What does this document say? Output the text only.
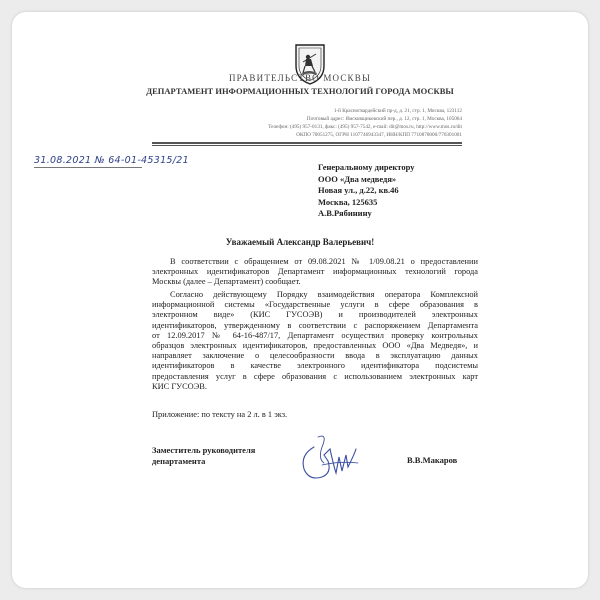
ПРАВИТЕЛЬСТВО МОСКВЫ
ДЕПАРТАМЕНТ ИНФОРМАЦИОННЫХ ТЕХНОЛОГИЙ ГОРОДА МОСКВЫ
1-й Красногвардейский пр-д, д. 21, стр. 1, Москва, 123112
Почтовый адрес: Ямсковщиковский пер., д. 12, стр. 1, Москва, 105064
Телефон: (495) 957-0131, факс: (495) 957-7542, e-mail: dit@mos.ru, http://www.mos.ru/dit
ОКПО 70051275, ОГРН 1107746943347, ИНН/КПП 7710878000/770301001
31.08.2021 № 64-01-45315/21
Генеральному директору
ООО «Два медведя»
Новая ул., д.22, кв.46
Москва, 125635
А.В.Рябинину
Уважаемый Александр Валерьевич!
В соответствии с обращением от 09.08.2021 № 1/09.08.21 о предоставлении
электронных идентификаторов Департамент информационных технологий города
Москвы (далее – Департамент) сообщает.
Согласно действующему Порядку взаимодействия оператора Комплексной
информационной системы «Государственные услуги в сфере образования в
электронном виде» (КИС ГУСОЭВ) и производителей электронных
идентификаторов, утвержденному в соответствии с распоряжением Департамента
от 12.09.2017 № 64-16-487/17, Департамент осуществил проверку контрольных
образцов электронных идентификаторов, предоставленных ООО «Два Медведя», и
направляет заключение о целесообразности ввода в эксплуатацию данных
идентификаторов в качестве электронного идентификатора подсистемы
предоставления услуг в сфере образования с использованием электронных карт
КИС ГУСОЭВ.
Приложение: по тексту на 2 л. в 1 экз.
Заместитель руководителя
департамента	В.В.Макаров
